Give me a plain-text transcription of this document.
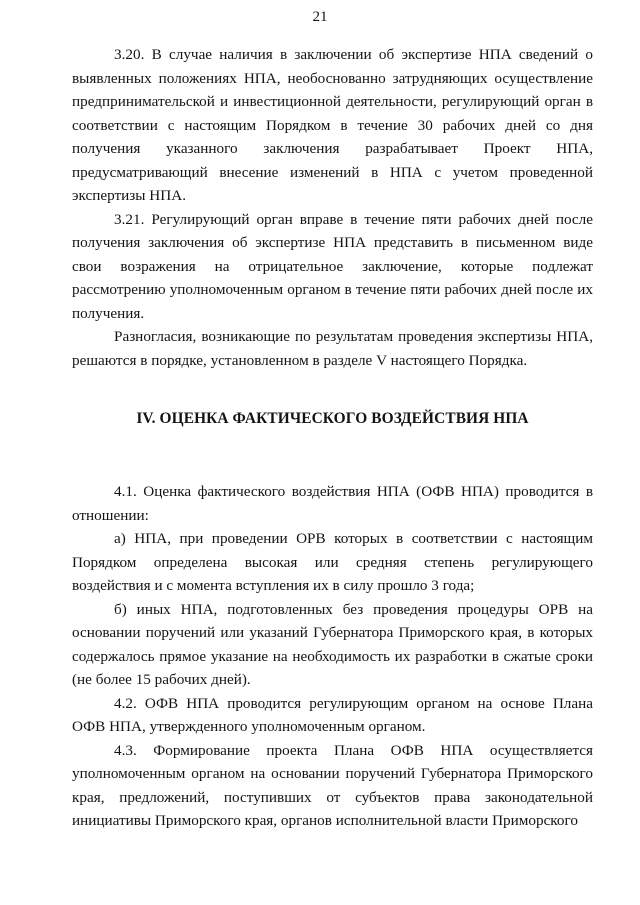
21

3.20. В случае наличия в заключении об экспертизе НПА сведений о выявленных положениях НПА, необоснованно затрудняющих осуществление предпринимательской и инвестиционной деятельности, регулирующий орган в соответствии с настоящим Порядком в течение 30 рабочих дней со дня получения указанного заключения разрабатывает Проект НПА, предусматривающий внесение изменений в НПА с учетом проведенной экспертизы НПА.

3.21. Регулирующий орган вправе в течение пяти рабочих дней после получения заключения об экспертизе НПА представить в письменном виде свои возражения на отрицательное заключение, которые подлежат рассмотрению уполномоченным органом в течение пяти рабочих дней после их получения.

Разногласия, возникающие по результатам проведения экспертизы НПА, решаются в порядке, установленном в разделе V настоящего Порядка.

IV. ОЦЕНКА ФАКТИЧЕСКОГО ВОЗДЕЙСТВИЯ НПА

4.1. Оценка фактического воздействия НПА (ОФВ НПА) проводится в отношении:

а) НПА, при проведении ОРВ которых в соответствии с настоящим Порядком определена высокая или средняя степень регулирующего воздействия и с момента вступления их в силу прошло 3 года;

б) иных НПА, подготовленных без проведения процедуры ОРВ на основании поручений или указаний Губернатора Приморского края, в которых содержалось прямое указание на необходимость их разработки в сжатые сроки (не более 15 рабочих дней).

4.2. ОФВ НПА проводится регулирующим органом на основе Плана ОФВ НПА, утвержденного уполномоченным органом.

4.3. Формирование проекта Плана ОФВ НПА осуществляется уполномоченным органом на основании поручений Губернатора Приморского края, предложений, поступивших от субъектов права законодательной инициативы Приморского края, органов исполнительной власти Приморского
